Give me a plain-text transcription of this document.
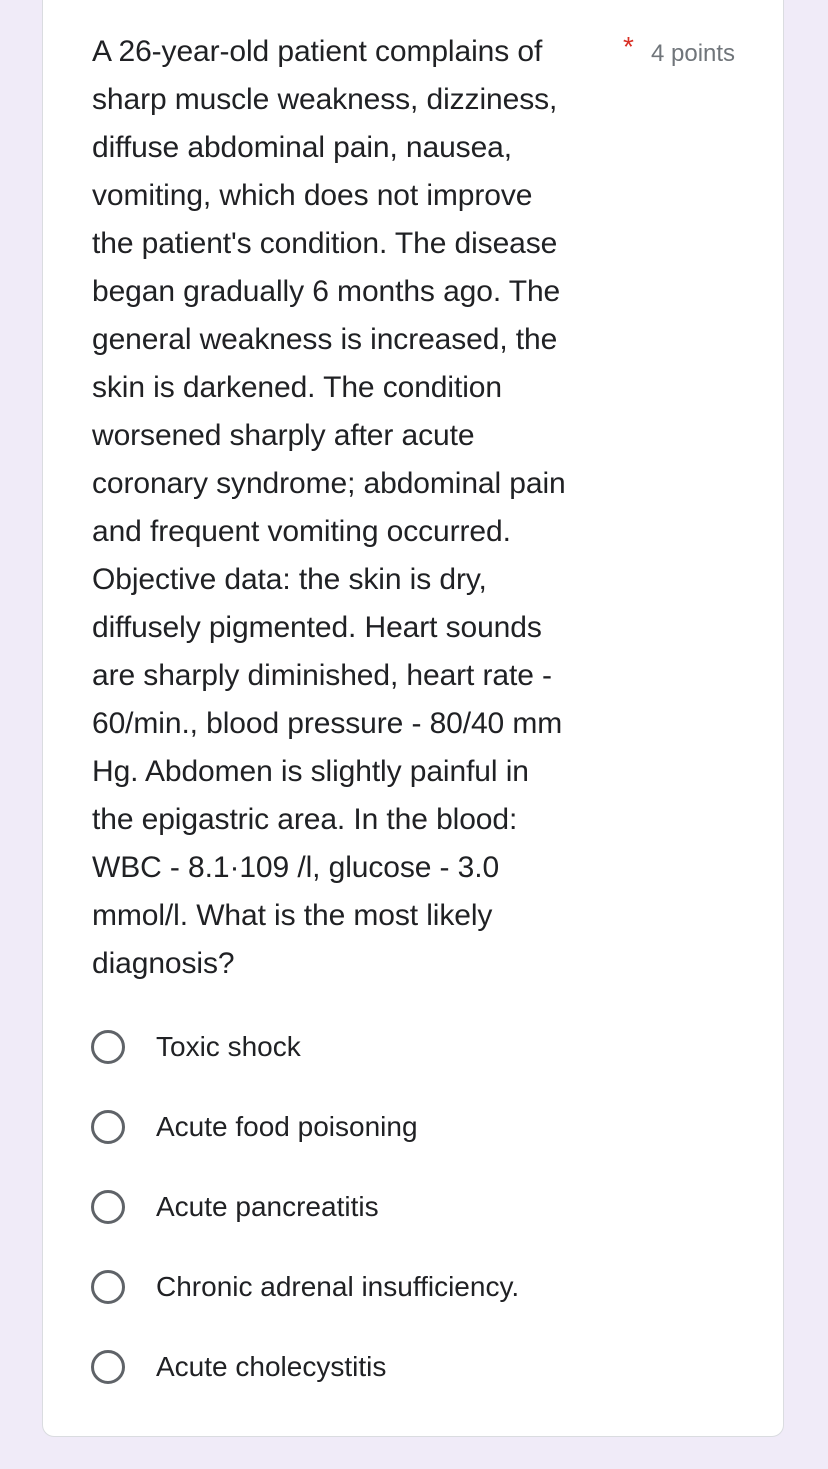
A 26-year-old patient complains of
sharp muscle weakness, dizziness,
diffuse abdominal pain, nausea,
vomiting, which does not improve
the patient's condition. The disease
began gradually 6 months ago. The
general weakness is increased, the
skin is darkened. The condition
worsened sharply after acute
coronary syndrome; abdominal pain
and frequent vomiting occurred.
Objective data: the skin is dry,
diffusely pigmented. Heart sounds
are sharply diminished, heart rate -
60/min., blood pressure - 80/40 mm
Hg. Abdomen is slightly painful in
the epigastric area. In the blood:
WBC - 8.1·109 /l, glucose - 3.0
mmol/l. What is the most likely
diagnosis?
* 4 points
Toxic shock
Acute food poisoning
Acute pancreatitis
Chronic adrenal insufficiency.
Acute cholecystitis
